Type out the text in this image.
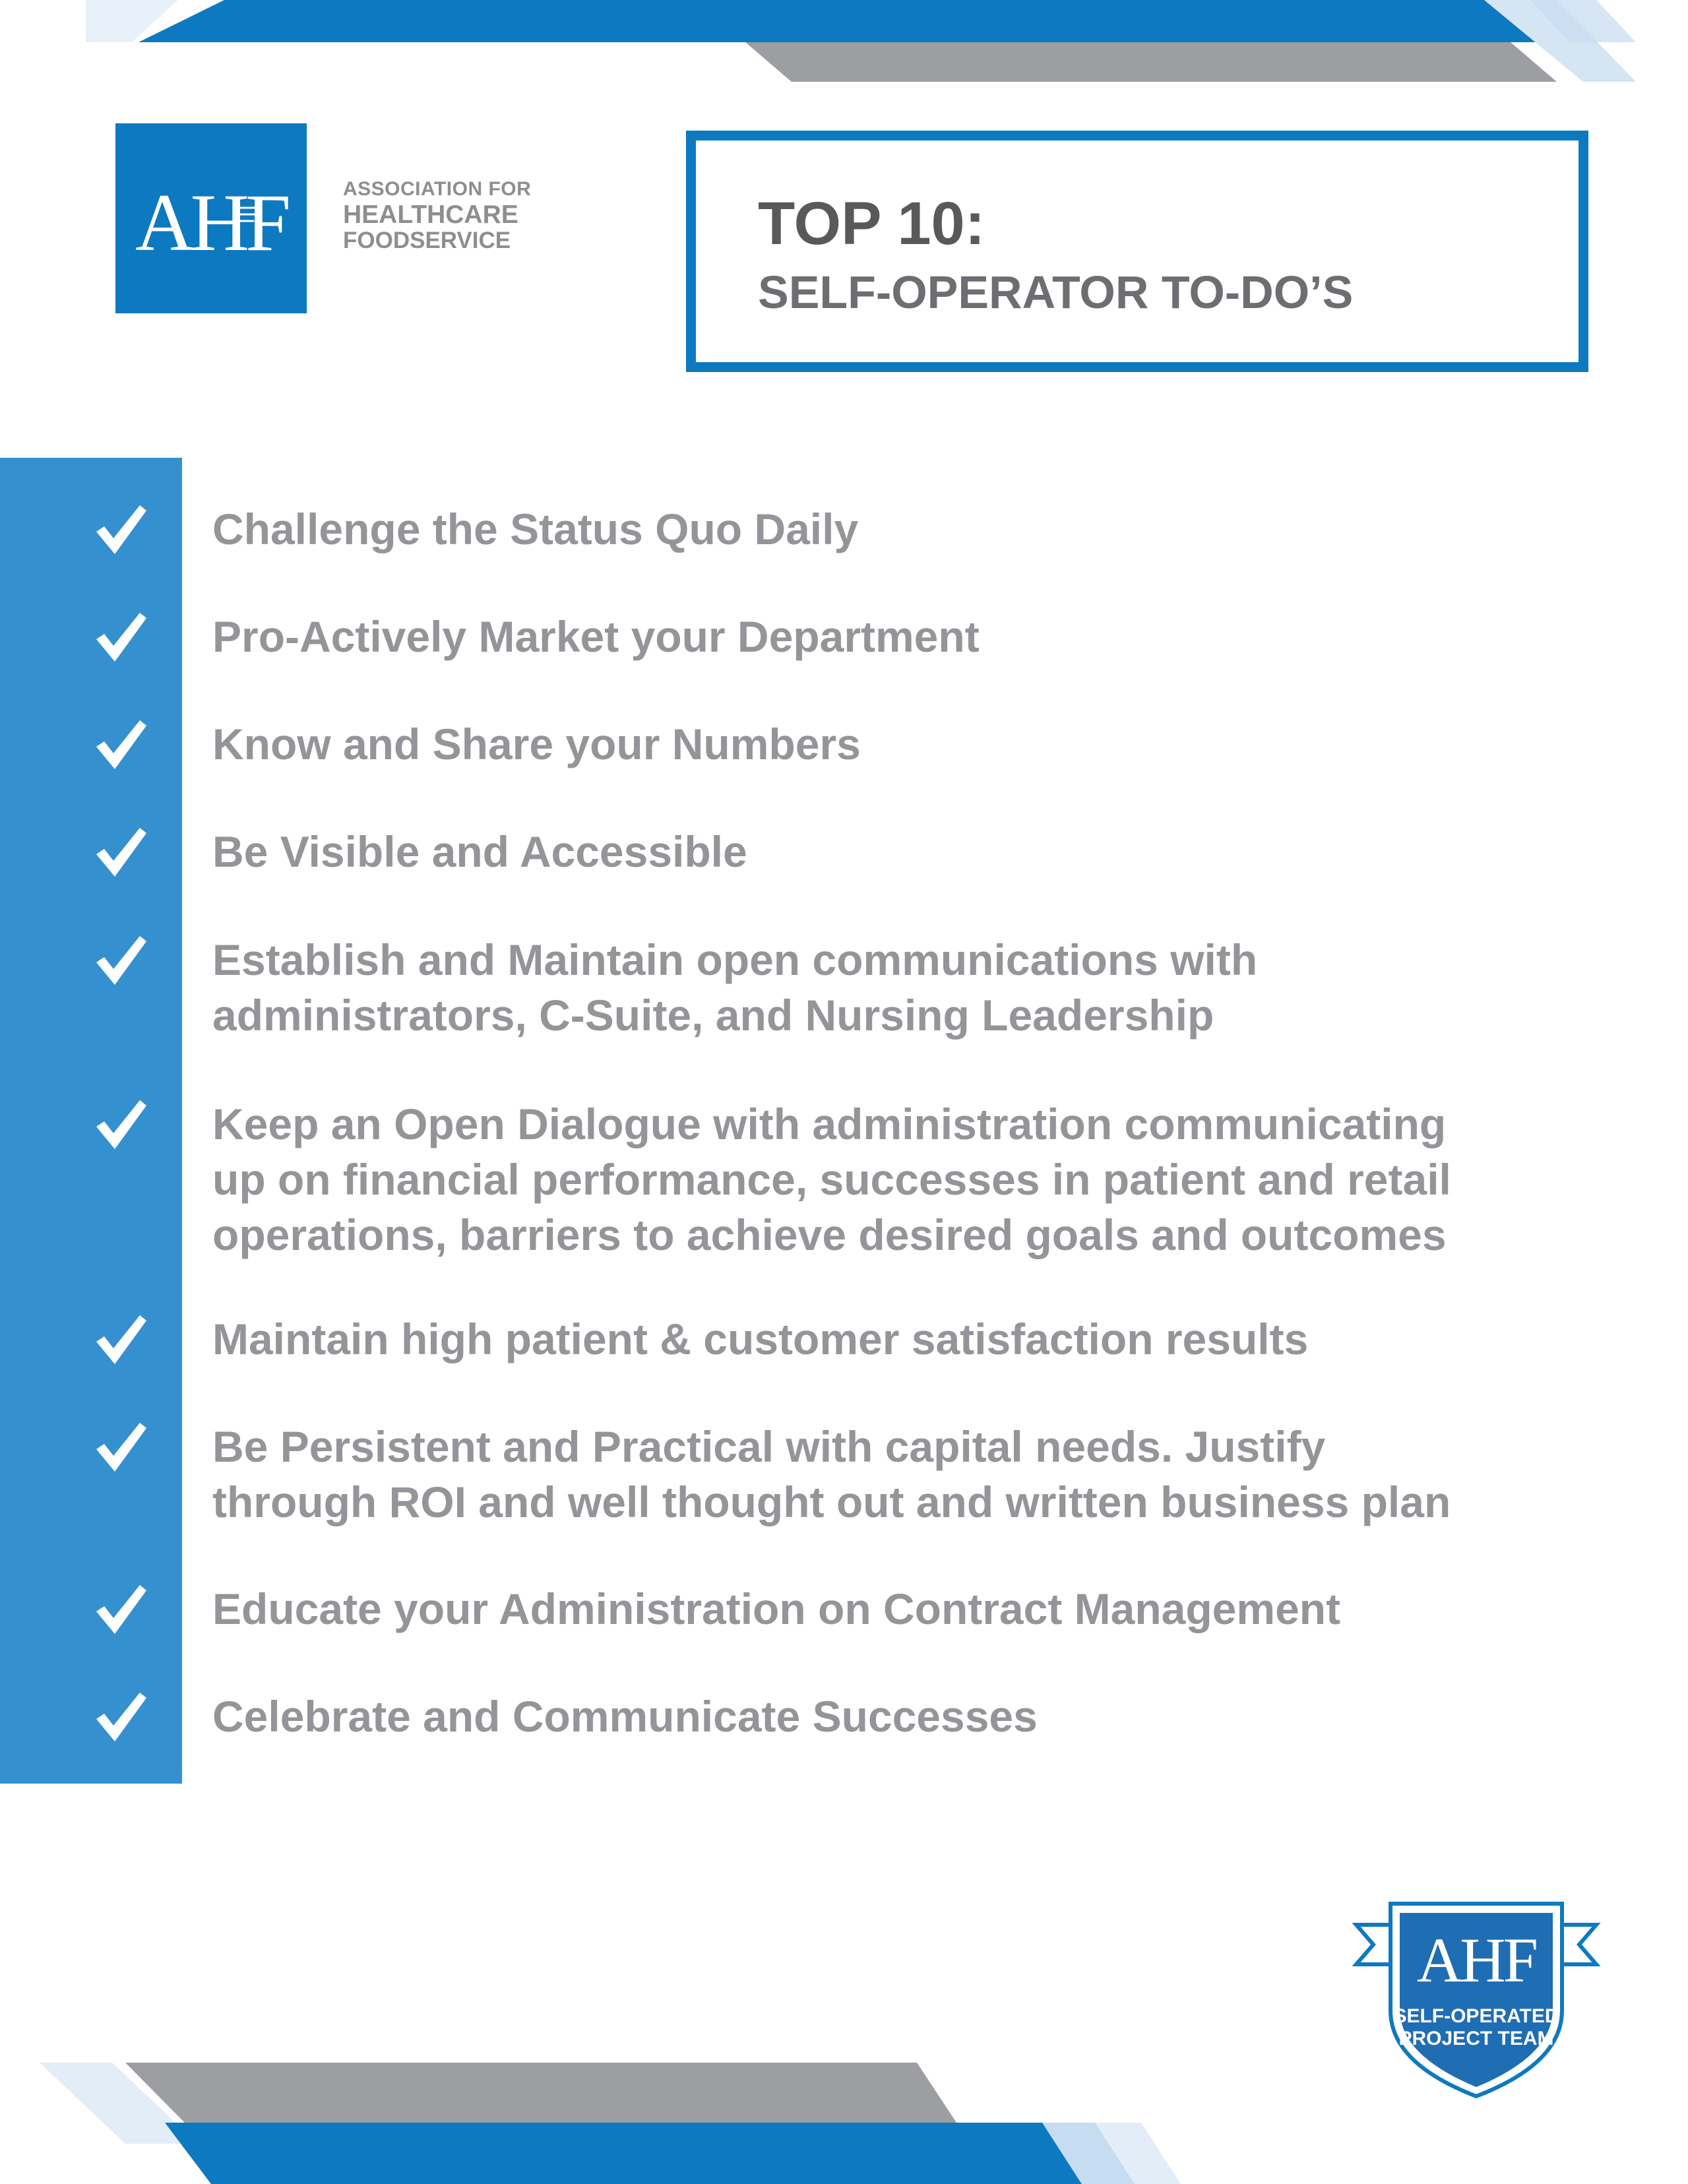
AHF	ASSOCIATION FOR
HEALTHCARE
FOODSERVICE	TOP 10:
SELF-OPERATOR TO-DO’S
Challenge the Status Quo Daily
Pro-Actively Market your Department
Know and Share your Numbers
Be Visible and Accessible
Establish and Maintain open communications with
administrators, C-Suite, and Nursing Leadership
Keep an Open Dialogue with administration communicating
up on financial performance, successes in patient and retail
operations, barriers to achieve desired goals and outcomes
Maintain high patient & customer satisfaction results
Be Persistent and Practical with capital needs. Justify
through ROI and well thought out and written business plan
Educate your Administration on Contract Management
Celebrate and Communicate Successes
AHF
SELF-OPERATED
PROJECT TEAM
